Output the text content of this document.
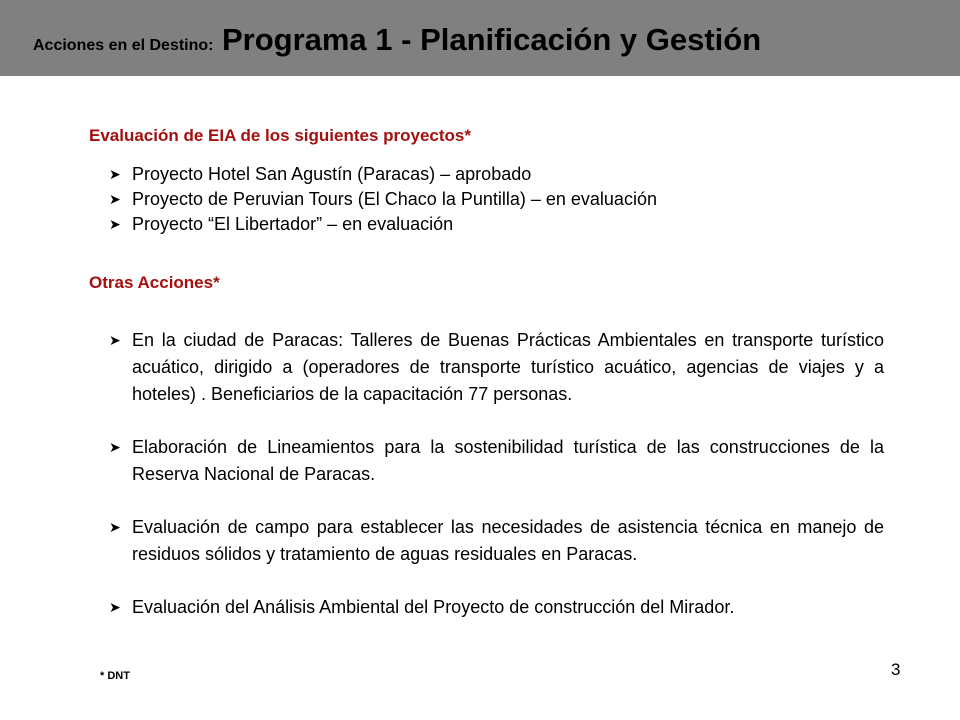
Acciones en el Destino: Programa 1 - Planificación y Gestión
Evaluación de EIA de los siguientes proyectos*
➤ Proyecto Hotel San Agustín (Paracas) – aprobado
➤ Proyecto de Peruvian Tours (El Chaco la Puntilla) – en evaluación
➤ Proyecto “El Libertador” – en evaluación
Otras Acciones*
➤ En la ciudad de Paracas: Talleres de Buenas Prácticas Ambientales en transporte turístico acuático, dirigido a (operadores de transporte turístico acuático, agencias de viajes y a hoteles) . Beneficiarios de la capacitación 77 personas.
➤ Elaboración de Lineamientos para la sostenibilidad turística de las construcciones de la Reserva Nacional de Paracas.
➤ Evaluación de campo para establecer las necesidades de asistencia técnica en manejo de residuos sólidos y tratamiento de aguas residuales en Paracas.
➤ Evaluación del Análisis Ambiental del Proyecto de construcción del Mirador.
* DNT	3
